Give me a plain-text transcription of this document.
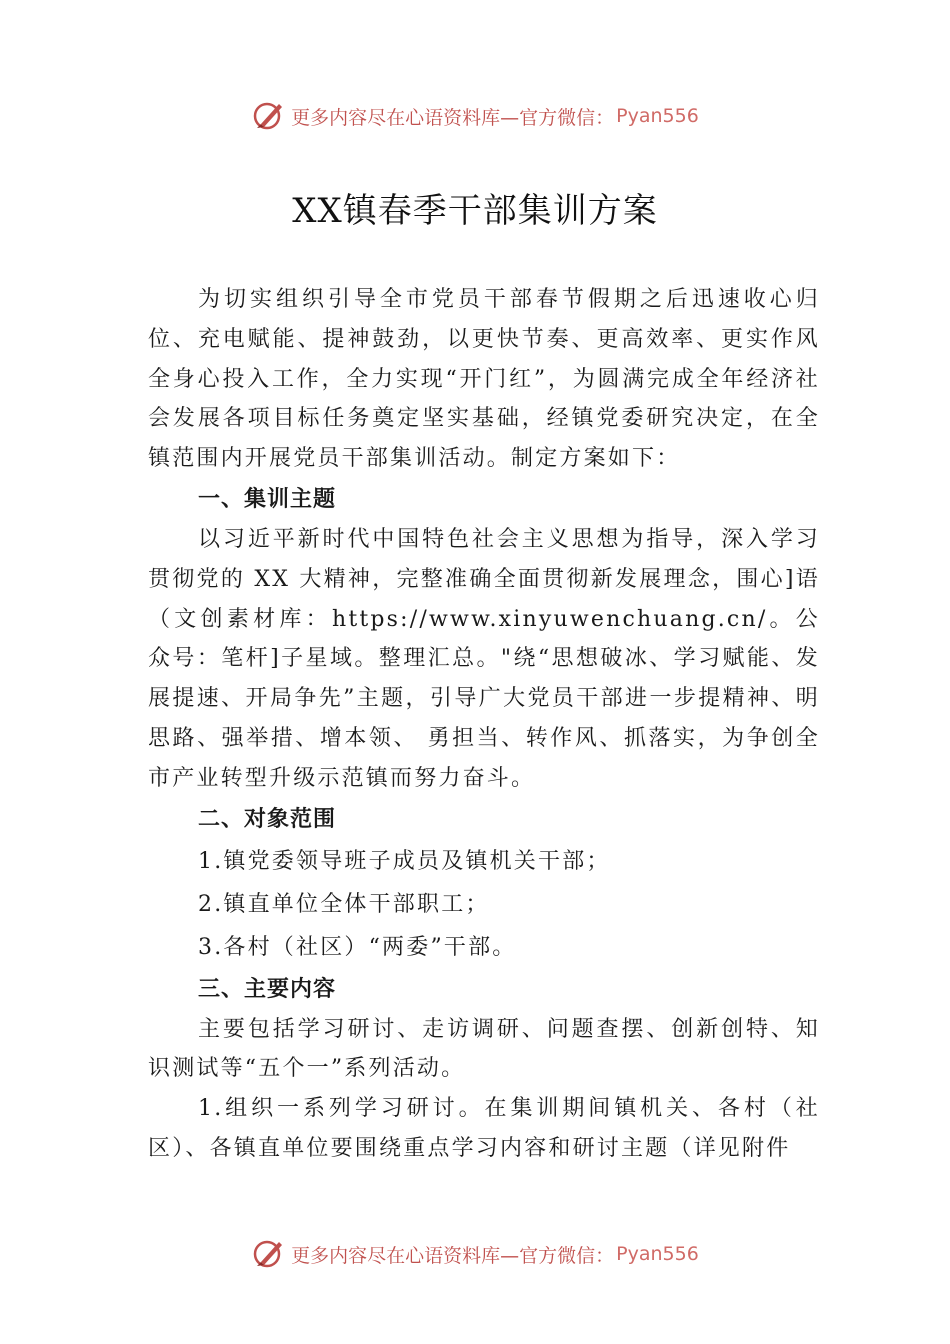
更多内容尽在心语资料库—官方微信： Pyan556
XX镇春季干部集训方案

为切实组织引导全市党员干部春节假期之后迅速收心归位、充电赋能、提神鼓劲，以更快节奏、更高效率、更实作风全身心投入工作，全力实现“开门红”，为圆满完成全年经济社会发展各项目标任务奠定坚实基础，经镇党委研究决定，在全镇范围内开展党员干部集训活动。制定方案如下：

一、集训主题

以习近平新时代中国特色社会主义思想为指导，深入学习贯彻党的 XX 大精神，完整准确全面贯彻新发展理念，围心]语（文创素材库：https://www.xinyuwenchuang.cn/。公众号：笔杆]子星域。整理汇总。"绕“思想破冰、学习赋能、发展提速、开局争先”主题，引导广大党员干部进一步提精神、明思路、强举措、增本领、 勇担当、转作风、抓落实，为争创全市产业转型升级示范镇而努力奋斗。

二、对象范围

1.镇党委领导班子成员及镇机关干部；

2.镇直单位全体干部职工；

3.各村（社区）“两委”干部。

三、主要内容

主要包括学习研讨、走访调研、问题查摆、创新创特、知识测试等“五个一”系列活动。

1.组织一系列学习研讨。在集训期间镇机关、各村（社区）、各镇直单位要围绕重点学习内容和研讨主题（详见附件

更多内容尽在心语资料库—官方微信： Pyan556
